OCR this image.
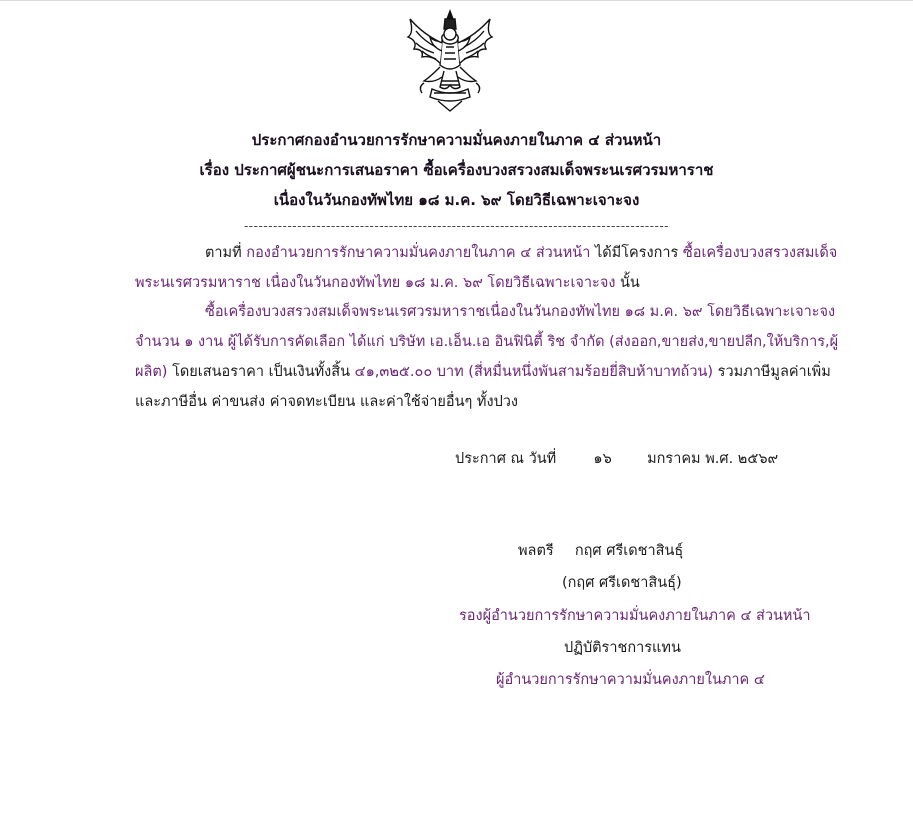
ประกาศกองอำนวยการรักษาความมั่นคงภายในภาค ๔ ส่วนหน้า
เรื่อง ประกาศผู้ชนะการเสนอราคา ซื้อเครื่องบวงสรวงสมเด็จพระนเรศวรมหาราช
เนื่องในวันกองทัพไทย ๑๘ ม.ค. ๖๙ โดยวิธีเฉพาะเจาะจง
----------------------------------------------------------------------------------------
ตามที่ กองอำนวยการรักษาความมั่นคงภายในภาค ๔ ส่วนหน้า ได้มีโครงการ ซื้อเครื่องบวงสรวงสมเด็จ
พระนเรศวรมหาราช เนื่องในวันกองทัพไทย ๑๘ ม.ค. ๖๙ โดยวิธีเฉพาะเจาะจง นั้น
ซื้อเครื่องบวงสรวงสมเด็จพระนเรศวรมหาราชเนื่องในวันกองทัพไทย ๑๘ ม.ค. ๖๙ โดยวิธีเฉพาะเจาะจง
จำนวน ๑ งาน ผู้ได้รับการคัดเลือก ได้แก่ บริษัท เอ.เอ็น.เอ อินฟินิตี้ ริช จำกัด (ส่งออก,ขายส่ง,ขายปลีก,ให้บริการ,ผู้
ผลิต) โดยเสนอราคา เป็นเงินทั้งสิ้น ๔๑,๓๒๕.๐๐ บาท (สี่หมื่นหนึ่งพันสามร้อยยี่สิบห้าบาทถ้วน) รวมภาษีมูลค่าเพิ่ม
และภาษีอื่น ค่าขนส่ง ค่าจดทะเบียน และค่าใช้จ่ายอื่นๆ ทั้งปวง
ประกาศ ณ วันที่	๑๖ มกราคม พ.ศ. ๒๕๖๙
พลตรี กฤศ ศรีเดชาสินธุ์
(กฤศ ศรีเดชาสินธุ์)
รองผู้อำนวยการรักษาความมั่นคงภายในภาค ๔ ส่วนหน้า
ปฏิบัติราชการแทน
ผู้อำนวยการรักษาความมั่นคงภายในภาค ๔
